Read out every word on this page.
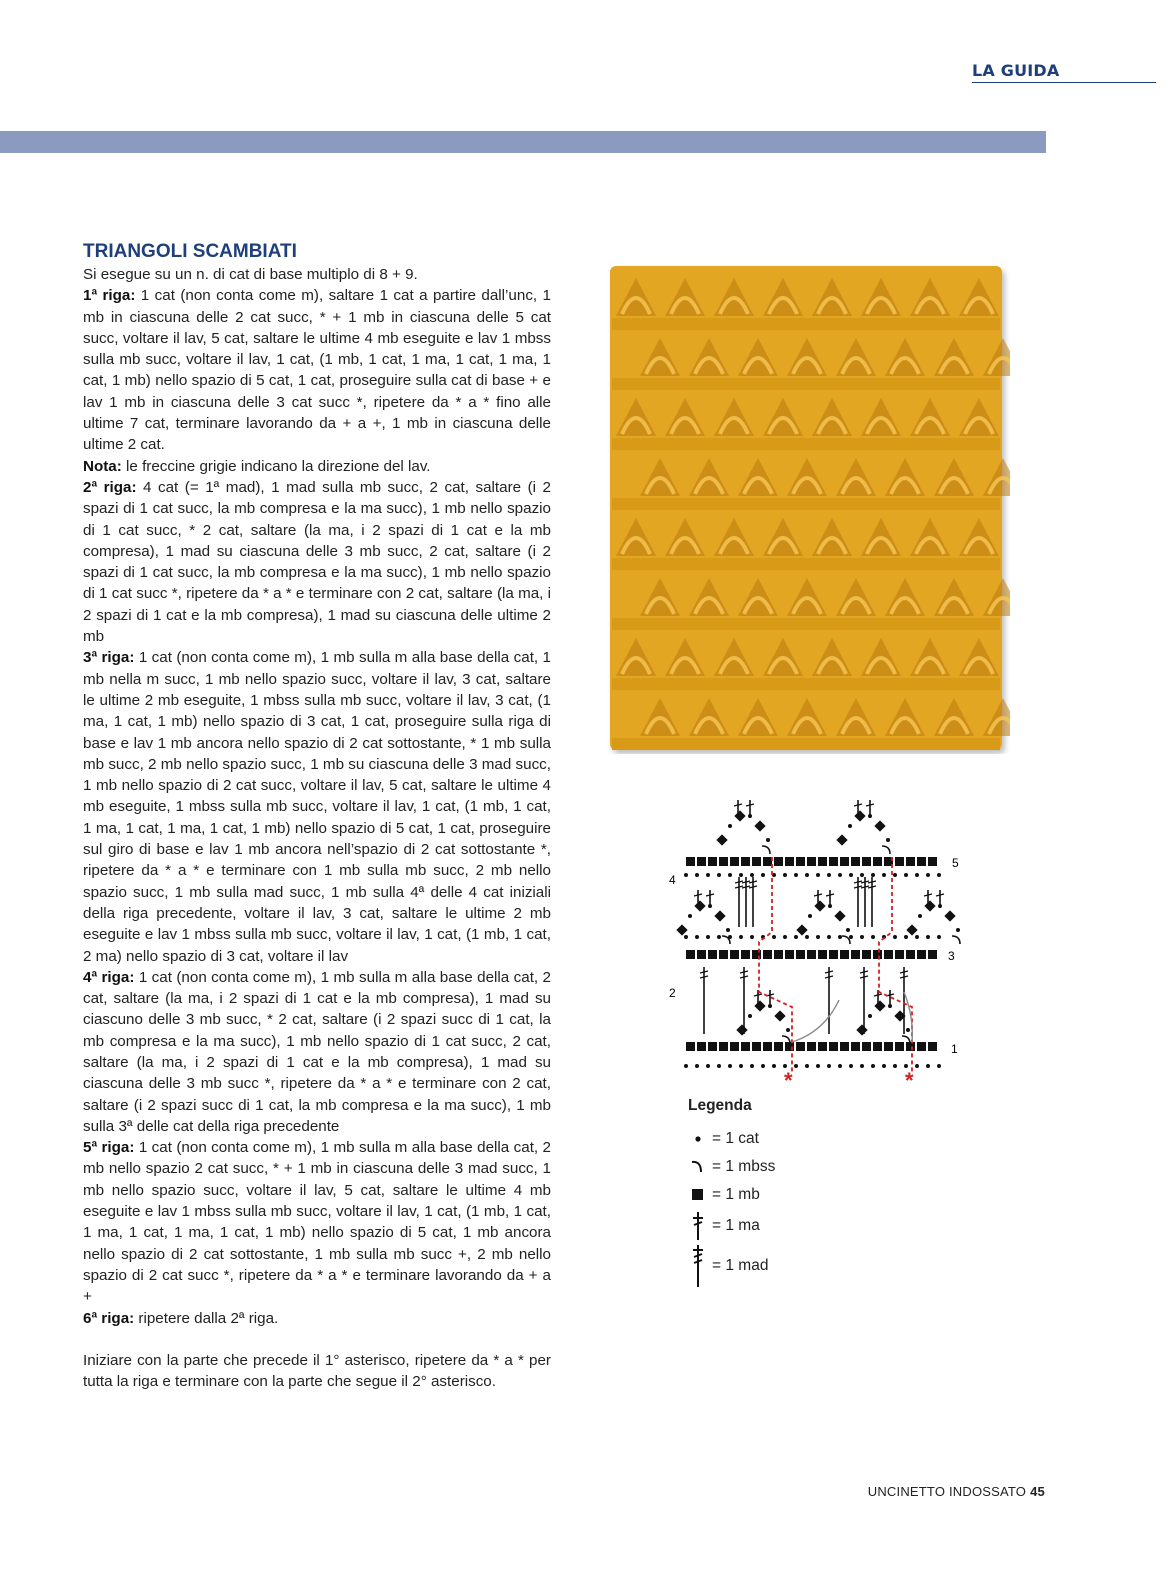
LA GUIDA
TRIANGOLI SCAMBIATI

Si esegue su un n. di cat di base multiplo di 8 + 9.

1ª riga: 1 cat (non conta come m), saltare 1 cat a partire dall’unc, 1 mb in ciascuna delle 2 cat succ, * + 1 mb in ciascuna delle 5 cat succ, voltare il lav, 5 cat, saltare le ultime 4 mb eseguite e lav 1 mbss sulla mb succ, voltare il lav, 1 cat, (1 mb, 1 cat, 1 ma, 1 cat, 1 ma, 1 cat, 1 mb) nello spazio di 5 cat, 1 cat, proseguire sulla cat di base + e lav 1 mb in ciascuna delle 3 cat succ *, ripetere da * a * fino alle ultime 7 cat, terminare lavorando da + a +, 1 mb in ciascuna delle ultime 2 cat.

Nota: le freccine grigie indicano la direzione del lav.

2ª riga: 4 cat (= 1ª mad), 1 mad sulla mb succ, 2 cat, saltare (i 2 spazi di 1 cat succ, la mb compresa e la ma succ), 1 mb nello spazio di 1 cat succ, * 2 cat, saltare (la ma, i 2 spazi di 1 cat e la mb compresa), 1 mad su ciascuna delle 3 mb succ, 2 cat, saltare (i 2 spazi di 1 cat succ, la mb compresa e la ma succ), 1 mb nello spazio di 1 cat succ *, ripetere da * a * e terminare con 2 cat, saltare (la ma, i 2 spazi di 1 cat e la mb compresa), 1 mad su ciascuna delle ultime 2 mb

3ª riga: 1 cat (non conta come m), 1 mb sulla m alla base della cat, 1 mb nella m succ, 1 mb nello spazio succ, voltare il lav, 3 cat, saltare le ultime 2 mb eseguite, 1 mbss sulla mb succ, voltare il lav, 3 cat, (1 ma, 1 cat, 1 mb) nello spazio di 3 cat, 1 cat, proseguire sulla riga di base e lav 1 mb ancora nello spazio di 2 cat sottostante, * 1 mb sulla mb succ, 2 mb nello spazio succ, 1 mb su ciascuna delle 3 mad succ, 1 mb nello spazio di 2 cat succ, voltare il lav, 5 cat, saltare le ultime 4 mb eseguite, 1 mbss sulla mb succ, voltare il lav, 1 cat, (1 mb, 1 cat, 1 ma, 1 cat, 1 ma, 1 cat, 1 mb) nello spazio di 5 cat, 1 cat, proseguire sul giro di base e lav 1 mb ancora nell’spazio di 2 cat sottostante *, ripetere da * a * e terminare con 1 mb sulla mb succ, 2 mb nello spazio succ, 1 mb sulla mad succ, 1 mb sulla 4ª delle 4 cat iniziali della riga precedente, voltare il lav, 3 cat, saltare le ultime 2 mb eseguite e lav 1 mbss sulla mb succ, voltare il lav, 1 cat, (1 mb, 1 cat, 2 ma) nello spazio di 3 cat, voltare il lav

4ª riga: 1 cat (non conta come m), 1 mb sulla m alla base della cat, 2 cat, saltare (la ma, i 2 spazi di 1 cat e la mb compresa), 1 mad su ciascuno delle 3 mb succ, * 2 cat, saltare (i 2 spazi succ di 1 cat, la mb compresa e la ma succ), 1 mb nello spazio di 1 cat succ, 2 cat, saltare (la ma, i 2 spazi di 1 cat e la mb compresa), 1 mad su ciascuna delle 3 mb succ *, ripetere da * a * e terminare con 2 cat, saltare (i 2 spazi succ di 1 cat, la mb compresa e la ma succ), 1 mb sulla 3ª delle cat della riga precedente

5ª riga: 1 cat (non conta come m), 1 mb sulla m alla base della cat, 2 mb nello spazio 2 cat succ, * + 1 mb in ciascuna delle 3 mad succ, 1 mb nello spazio succ, voltare il lav, 5 cat, saltare le ultime 4 mb eseguite e lav 1 mbss sulla mb succ, voltare il lav, 1 cat, (1 mb, 1 cat, 1 ma, 1 cat, 1 ma, 1 cat, 1 mb) nello spazio di 5 cat, 1 mb ancora nello spazio di 2 cat sottostante, 1 mb sulla mb succ +, 2 mb nello spazio di 2 cat succ *, ripetere da * a * e terminare lavorando da + a +

6ª riga: ripetere dalla 2ª riga.

Iniziare con la parte che precede il 1° asterisco, ripetere da * a * per tutta la riga e terminare con la parte che segue il 2° asterisco.

1
2
3
4
5
*	*
Legenda
= 1 cat
= 1 mbss
= 1 mb
= 1 ma
= 1 mad
UNCINETTO INDOSSATO 45
